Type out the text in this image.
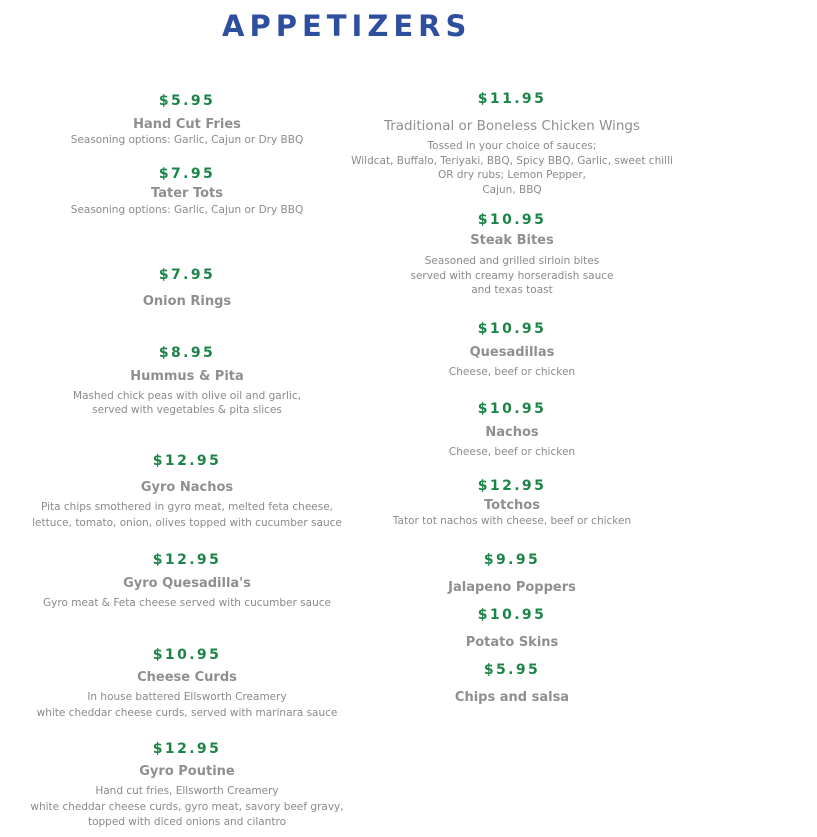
APPETIZERS
$5.95
Hand Cut Fries
Seasoning options: Garlic, Cajun or Dry BBQ
$7.95
Tater Tots
Seasoning options: Garlic, Cajun or Dry BBQ
$7.95
Onion Rings
$8.95
Hummus & Pita
Mashed chick peas with olive oil and garlic,
served with vegetables & pita slices
$12.95
Gyro Nachos
Pita chips smothered in gyro meat, melted feta cheese,
lettuce, tomato, onion, olives topped with cucumber sauce
$12.95
Gyro Quesadilla's
Gyro meat & Feta cheese served with cucumber sauce
$10.95
Cheese Curds
In house battered Ellsworth Creamery
white cheddar cheese curds, served with marinara sauce
$12.95
Gyro Poutine
Hand cut fries, Ellsworth Creamery
white cheddar cheese curds, gyro meat, savory beef gravy,
topped with diced onions and cilantro
$11.95
Traditional or Boneless Chicken Wings
Tossed in your choice of sauces;
Wildcat, Buffalo, Teriyaki, BBQ, Spicy BBQ, Garlic, sweet chilli
OR dry rubs; Lemon Pepper,
Cajun, BBQ
$10.95
Steak Bites
Seasoned and grilled sirloin bites
served with creamy horseradish sauce
and texas toast
$10.95
Quesadillas
Cheese, beef or chicken
$10.95
Nachos
Cheese, beef or chicken
$12.95
Totchos
Tator tot nachos with cheese, beef or chicken
$9.95
Jalapeno Poppers
$10.95
Potato Skins
$5.95
Chips and salsa
